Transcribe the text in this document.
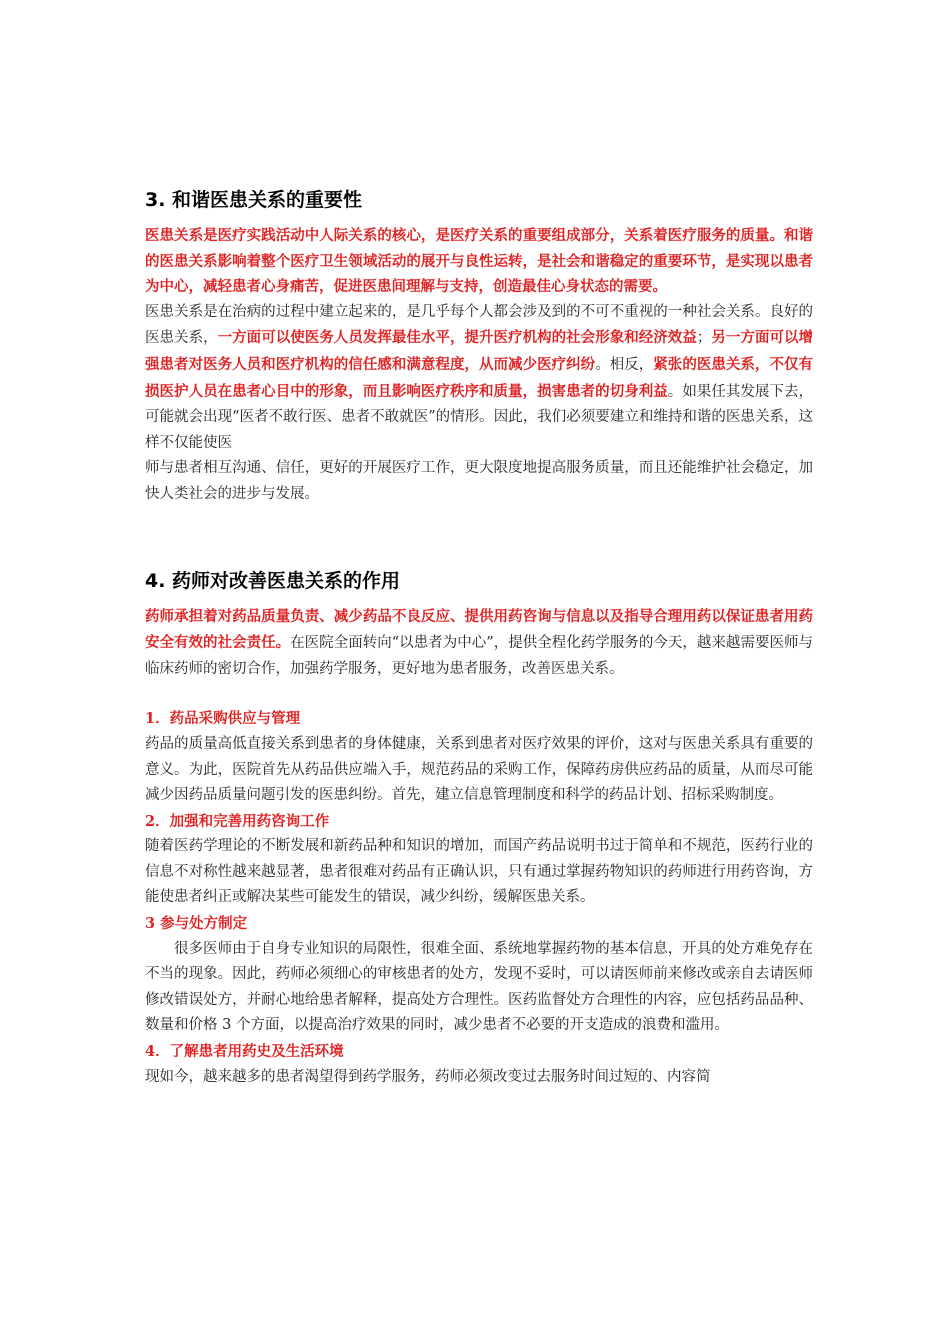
3. 和谐医患关系的重要性

医患关系是医疗实践活动中人际关系的核心，是医疗关系的重要组成部分，关系着医疗服务的质量。和谐的医患关系影响着整个医疗卫生领域活动的展开与良性运转，是社会和谐稳定的重要环节，是实现以患者为中心，减轻患者心身痛苦，促进医患间理解与支持，创造最佳心身状态的需要。

医患关系是在治病的过程中建立起来的，是几乎每个人都会涉及到的不可不重视的一种社会关系。良好的医患关系，一方面可以使医务人员发挥最佳水平，提升医疗机构的社会形象和经济效益；另一方面可以增强患者对医务人员和医疗机构的信任感和满意程度，从而减少医疗纠纷。相反，紧张的医患关系，不仅有损医护人员在患者心目中的形象，而且影响医疗秩序和质量，损害患者的切身利益。如果任其发展下去，可能就会出现“医者不敢行医、患者不敢就医”的情形。因此，我们必须要建立和维持和谐的医患关系，这样不仅能使医

师与患者相互沟通、信任，更好的开展医疗工作，更大限度地提高服务质量，而且还能维护社会稳定，加快人类社会的进步与发展。

4. 药师对改善医患关系的作用

药师承担着对药品质量负责、减少药品不良反应、提供用药咨询与信息以及指导合理用药以保证患者用药安全有效的社会责任。在医院全面转向“以患者为中心”，提供全程化药学服务的今天，越来越需要医师与临床药师的密切合作，加强药学服务，更好地为患者服务，改善医患关系。

1．药品采购供应与管理

药品的质量高低直接关系到患者的身体健康，关系到患者对医疗效果的评价，这对与医患关系具有重要的意义。为此，医院首先从药品供应端入手，规范药品的采购工作，保障药房供应药品的质量，从而尽可能减少因药品质量问题引发的医患纠纷。首先，建立信息管理制度和科学的药品计划、招标采购制度。

2．加强和完善用药咨询工作

随着医药学理论的不断发展和新药品种和知识的增加，而国产药品说明书过于简单和不规范，医药行业的信息不对称性越来越显著，患者很难对药品有正确认识，只有通过掌握药物知识的药师进行用药咨询，方能使患者纠正或解决某些可能发生的错误，减少纠纷，缓解医患关系。

3 参与处方制定

很多医师由于自身专业知识的局限性，很难全面、系统地掌握药物的基本信息，开具的处方难免存在不当的现象。因此，药师必须细心的审核患者的处方，发现不妥时，可以请医师前来修改或亲自去请医师修改错误处方，并耐心地给患者解释，提高处方合理性。医药监督处方合理性的内容，应包括药品品种、数量和价格 3 个方面，以提高治疗效果的同时，减少患者不必要的开支造成的浪费和滥用。

4．了解患者用药史及生活环境

现如今，越来越多的患者渴望得到药学服务，药师必须改变过去服务时间过短的、内容简
